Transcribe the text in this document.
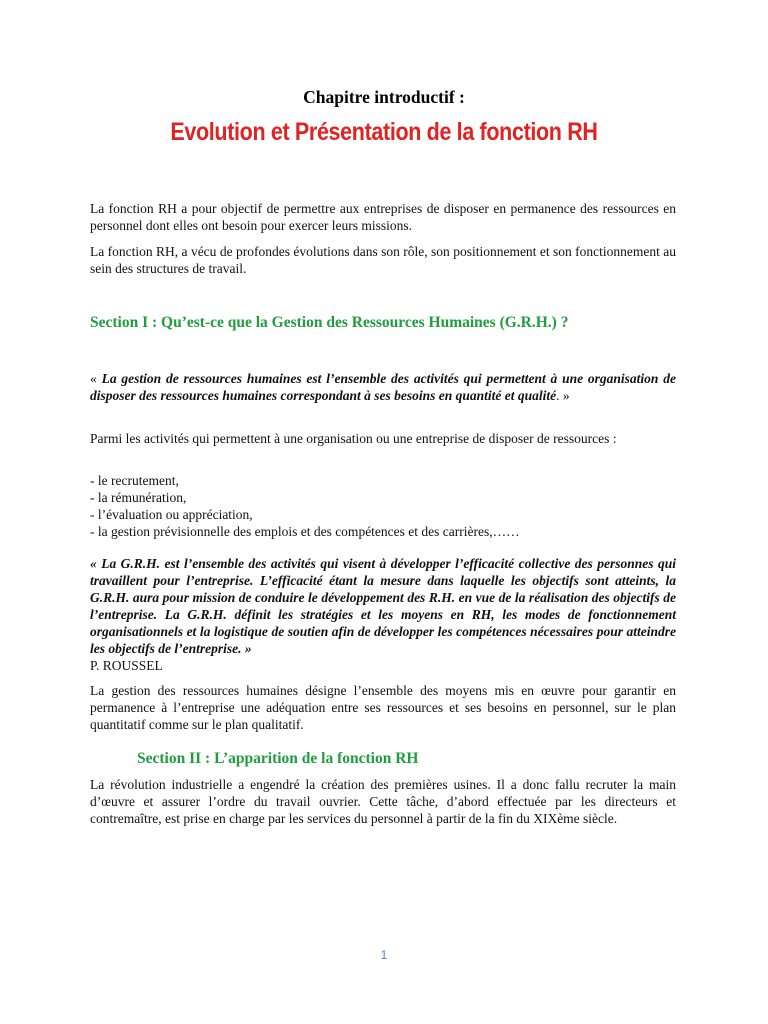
Chapitre introductif :
Evolution et Présentation de la fonction RH
La fonction RH a pour objectif de permettre aux entreprises de disposer en permanence des ressources en personnel dont elles ont besoin pour exercer leurs missions.
La fonction RH, a vécu de profondes évolutions dans son rôle, son positionnement et son fonctionnement au sein des structures de travail.
Section I : Qu’est-ce que la Gestion des Ressources Humaines (G.R.H.) ?
« La gestion de ressources humaines est l’ensemble des activités qui permettent à une organisation de disposer des ressources humaines correspondant à ses besoins en quantité et qualité. »
Parmi les activités qui permettent à une organisation ou une entreprise de disposer de ressources :
- le recrutement,
- la rémunération,
- l’évaluation ou appréciation,
- la gestion prévisionnelle des emplois et des compétences et des carrières,……
« La G.R.H. est l’ensemble des activités qui visent à développer l’efficacité collective des personnes qui travaillent pour l’entreprise. L’efficacité étant la mesure dans laquelle les objectifs sont atteints, la G.R.H. aura pour mission de conduire le développement des R.H. en vue de la réalisation des objectifs de l’entreprise. La G.R.H. définit les stratégies et les moyens en RH, les modes de fonctionnement organisationnels et la logistique de soutien afin de développer les compétences nécessaires pour atteindre les objectifs de l’entreprise. »
P. ROUSSEL
La gestion des ressources humaines désigne l’ensemble des moyens mis en œuvre pour garantir en permanence à l’entreprise une adéquation entre ses ressources et ses besoins en personnel, sur le plan quantitatif comme sur le plan qualitatif.
Section II : L’apparition de la fonction RH
La révolution industrielle a engendré la création des premières usines. Il a donc fallu recruter la main d’œuvre et assurer l’ordre du travail ouvrier. Cette tâche, d’abord effectuée par les directeurs et contremaître, est prise en charge par les services du personnel à partir de la fin du XIXème siècle.
1
